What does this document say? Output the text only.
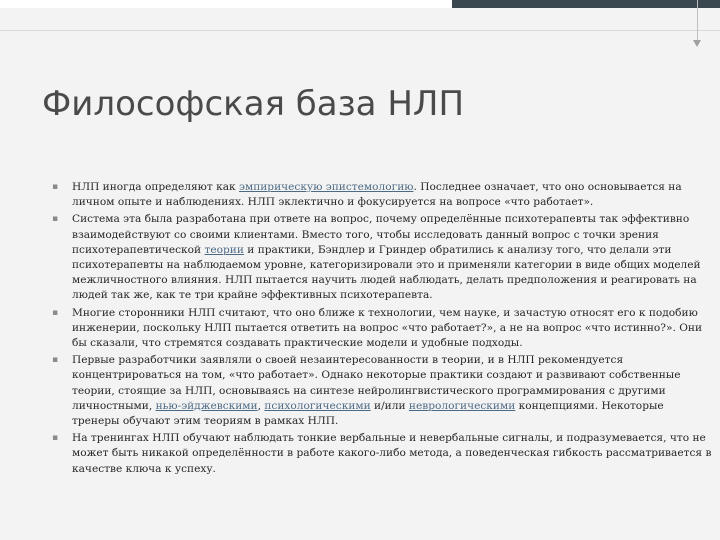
Философская база НЛП
▪ НЛП иногда определяют как эмпирическую эпистемологию. Последнее означает, что оно основывается на личном опыте и наблюдениях. НЛП эклектично и фокусируется на вопросе «что работает».
▪ Система эта была разработана при ответе на вопрос, почему определённые психотерапевты так эффективно взаимодействуют со своими клиентами. Вместо того, чтобы исследовать данный вопрос с точки зрения психотерапевтической теории и практики, Бэндлер и Гриндер обратились к анализу того, что делали эти психотерапевты на наблюдаемом уровне, категоризировали это и применяли категории в виде общих моделей межличностного влияния. НЛП пытается научить людей наблюдать, делать предположения и реагировать на людей так же, как те три крайне эффективных психотерапевта.
▪ Многие сторонники НЛП считают, что оно ближе к технологии, чем науке, и зачастую относят его к подобию инженерии, поскольку НЛП пытается ответить на вопрос «что работает?», а не на вопрос «что истинно?». Они бы сказали, что стремятся создавать практические модели и удобные подходы.
▪ Первые разработчики заявляли о своей незаинтересованности в теории, и в НЛП рекомендуется концентрироваться на том, «что работает». Однако некоторые практики создают и развивают собственные теории, стоящие за НЛП, основываясь на синтезе нейролингвистического программирования с другими личностными, нью-эйджевскими, психологическими и/или неврологическими концепциями. Некоторые тренеры обучают этим теориям в рамках НЛП.
▪ На тренингах НЛП обучают наблюдать тонкие вербальные и невербальные сигналы, и подразумевается, что не может быть никакой определённости в работе какого-либо метода, а поведенческая гибкость рассматривается в качестве ключа к успеху.
